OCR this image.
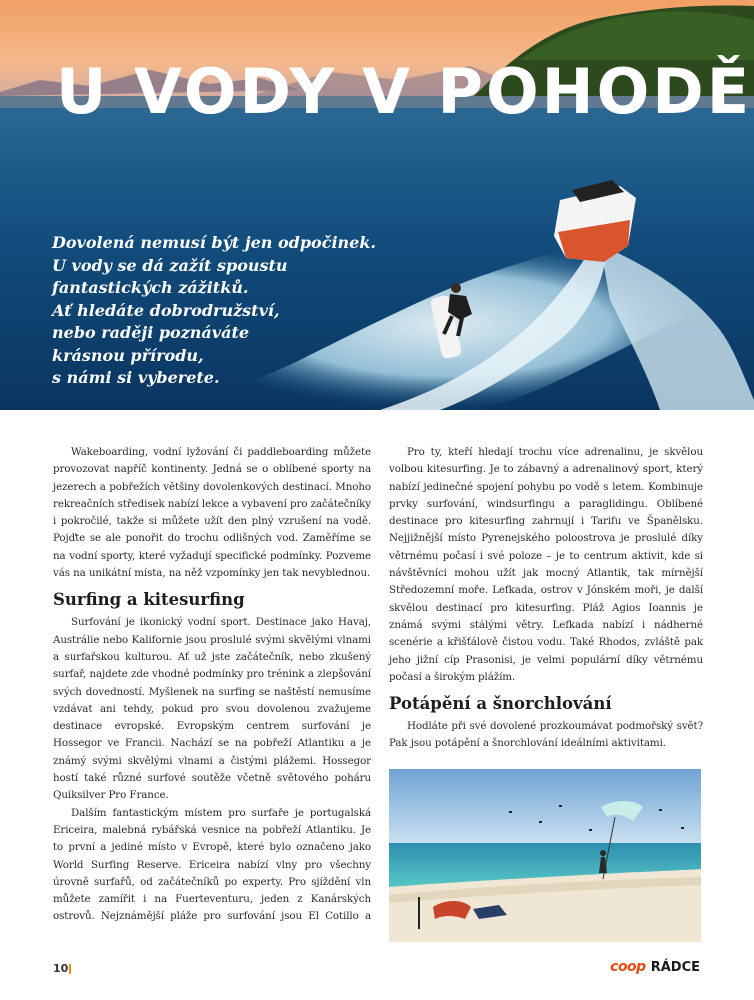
U VODY V POHODĚ

Dovolená nemusí být jen odpočinek.
U vody se dá zažít spoustu
fantastických zážitků.
Ať hledáte dobrodružství,
nebo raději poznáváte
krásnou přírodu,
s námi si vyberete.

Wakeboarding, vodní lyžování či paddleboarding můžete provozovat napříč kontinenty. Jedná se o oblíbené sporty na jezerech a pobřežích většiny dovolenkových destinací. Mnoho rekreačních středisek nabízí lekce a vybavení pro začátečníky i pokročilé, takže si můžete užít den plný vzrušení na vodě. Pojďte se ale ponořit do trochu odlišných vod. Zaměříme se na vodní sporty, které vyžadují specifické podmínky. Pozveme vás na unikátní místa, na něž vzpomínky jen tak nevyblednou.

Surfing a kitesurfing

Surfování je ikonický vodní sport. Destinace jako Havaj, Austrálie nebo Kalifornie jsou proslulé svými skvělými vlnami a surfařskou kulturou. Ať už jste začátečník, nebo zkušený surfař, najdete zde vhodné podmínky pro trénink a zlepšování svých dovedností. Myšlenek na surfing se naštěstí nemusíme vzdávat ani tehdy, pokud pro svou dovolenou zvažujeme destinace evropské. Evropským centrem surfování je Hossegor ve Francii. Nachází se na pobřeží Atlantiku a je známý svými skvělými vlnami a čistými plážemi. Hossegor hostí také různé surfové soutěže včetně světového poháru Quiksilver Pro France.

Dalším fantastickým místem pro surfaře je portugalská Ericeira, malebná rybářská vesnice na pobřeží Atlantiku. Je to první a jediné místo v Evropě, které bylo označeno jako World Surfing Reserve. Ericeira nabízí vlny pro všechny úrovně surfařů, od začátečníků po experty. Pro sjíždění vln můžete zamířit i na Fuerteventuru, jeden z Kanárských ostrovů. Nejznámější pláže pro surfování jsou El Cotillo a

Pro ty, kteří hledají trochu více adrenalinu, je skvělou volbou kitesurfing. Je to zábavný a adrenalinový sport, který nabízí jedinečné spojení pohybu po vodě s letem. Kombinuje prvky surfování, windsurfingu a paraglidingu. Oblíbené destinace pro kitesurfing zahrnují i Tarifu ve Španělsku. Nejjižnější místo Pyrenejského poloostrova je proslulé díky větrnému počasí i své poloze – je to centrum aktivit, kde si návštěvníci mohou užít jak mocný Atlantik, tak mírnější Středozemní moře. Lefkada, ostrov v Jónském moři, je další skvělou destinací pro kitesurfing. Pláž Agios Ioannis je známá svými stálými větry. Lefkada nabízí i nádherné scenérie a křišťálově čistou vodu. Také Rhodos, zvláště pak jeho jižní cíp Prasonisi, je velmi populární díky větrnému počasí a širokým plážím.

Potápění a šnorchlování

Hodláte při své dovolené prozkoumávat podmořský svět? Pak jsou potápění a šnorchlování ideálními aktivitami.

10	coop RÁDCE
